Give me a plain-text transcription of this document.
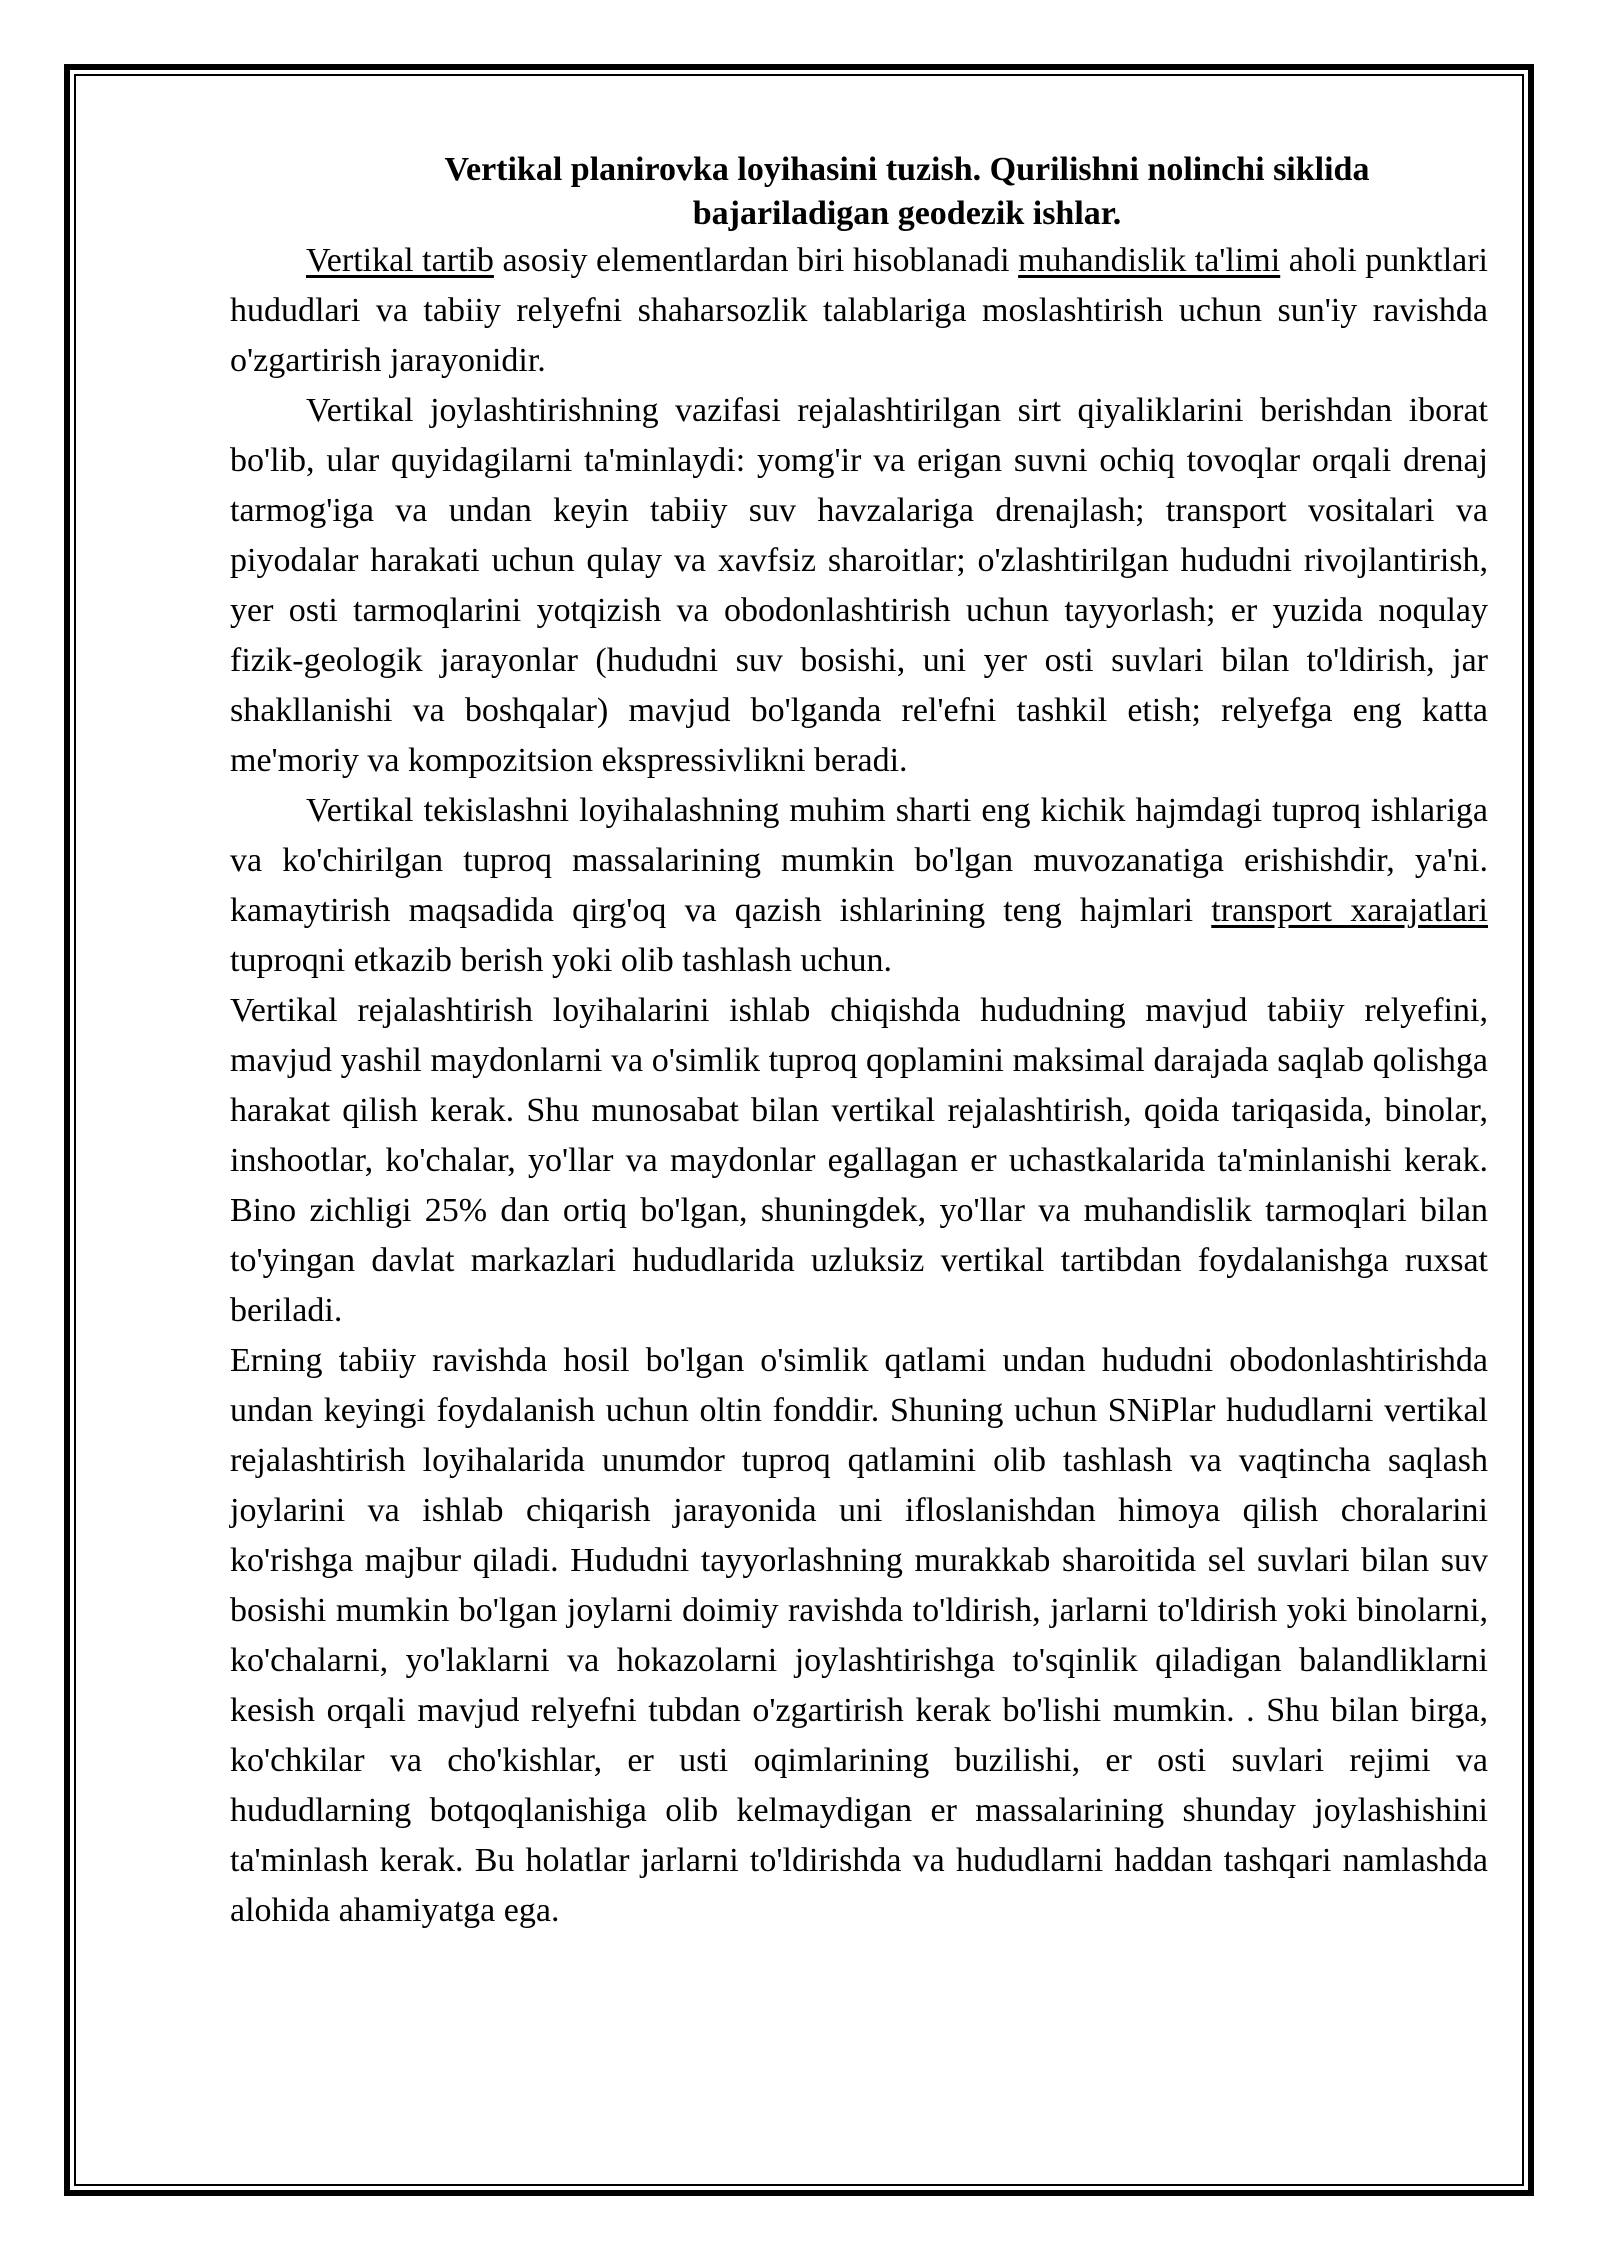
Vertikal planirovka loyihasini tuzish. Qurilishni nolinchi siklida
bajariladigan geodezik ishlar.

Vertikal tartib asosiy elementlardan biri hisoblanadi muhandislik ta'limi aholi punktlari hududlari va tabiiy relyefni shaharsozlik talablariga moslashtirish uchun sun'iy ravishda o'zgartirish jarayonidir.

Vertikal joylashtirishning vazifasi rejalashtirilgan sirt qiyaliklarini berishdan iborat bo'lib, ular quyidagilarni ta'minlaydi: yomg'ir va erigan suvni ochiq tovoqlar orqali drenaj tarmog'iga va undan keyin tabiiy suv havzalariga drenajlash; transport vositalari va piyodalar harakati uchun qulay va xavfsiz sharoitlar; o'zlashtirilgan hududni rivojlantirish, yer osti tarmoqlarini yotqizish va obodonlashtirish uchun tayyorlash; er yuzida noqulay fizik-geologik jarayonlar (hududni suv bosishi, uni yer osti suvlari bilan to'ldirish, jar shakllanishi va boshqalar) mavjud bo'lganda rel'efni tashkil etish; relyefga eng katta me'moriy va kompozitsion ekspressivlikni beradi.

Vertikal tekislashni loyihalashning muhim sharti eng kichik hajmdagi tuproq ishlariga va ko'chirilgan tuproq massalarining mumkin bo'lgan muvozanatiga erishishdir, ya'ni. kamaytirish maqsadida qirg'oq va qazish ishlarining teng hajmlari transport xarajatlari tuproqni etkazib berish yoki olib tashlash uchun.

Vertikal rejalashtirish loyihalarini ishlab chiqishda hududning mavjud tabiiy relyefini, mavjud yashil maydonlarni va o'simlik tuproq qoplamini maksimal darajada saqlab qolishga harakat qilish kerak. Shu munosabat bilan vertikal rejalashtirish, qoida tariqasida, binolar, inshootlar, ko'chalar, yo'llar va maydonlar egallagan er uchastkalarida ta'minlanishi kerak. Bino zichligi 25% dan ortiq bo'lgan, shuningdek, yo'llar va muhandislik tarmoqlari bilan to'yingan davlat markazlari hududlarida uzluksiz vertikal tartibdan foydalanishga ruxsat beriladi.

Erning tabiiy ravishda hosil bo'lgan o'simlik qatlami undan hududni obodonlashtirishda undan keyingi foydalanish uchun oltin fonddir. Shuning uchun SNiPlar hududlarni vertikal rejalashtirish loyihalarida unumdor tuproq qatlamini olib tashlash va vaqtincha saqlash joylarini va ishlab chiqarish jarayonida uni ifloslanishdan himoya qilish choralarini ko'rishga majbur qiladi. Hududni tayyorlashning murakkab sharoitida sel suvlari bilan suv bosishi mumkin bo'lgan joylarni doimiy ravishda to'ldirish, jarlarni to'ldirish yoki binolarni, ko'chalarni, yo'laklarni va hokazolarni joylashtirishga to'sqinlik qiladigan balandliklarni kesish orqali mavjud relyefni tubdan o'zgartirish kerak bo'lishi mumkin. . Shu bilan birga, ko'chkilar va cho'kishlar, er usti oqimlarining buzilishi, er osti suvlari rejimi va hududlarning botqoqlanishiga olib kelmaydigan er massalarining shunday joylashishini ta'minlash kerak. Bu holatlar jarlarni to'ldirishda va hududlarni haddan tashqari namlashda alohida ahamiyatga ega.
